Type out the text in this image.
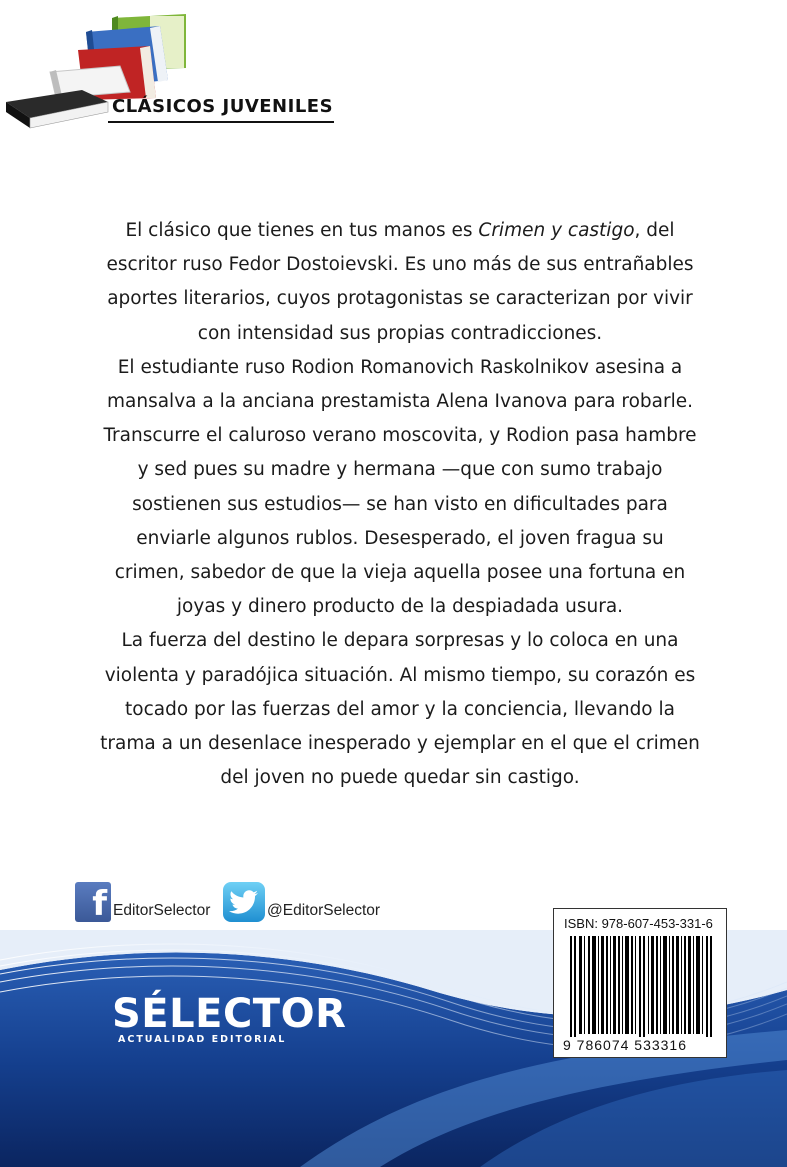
CLÁSICOS JUVENILES

El clásico que tienes en tus manos es Crimen y castigo, del escritor ruso Fedor Dostoievski. Es uno más de sus entrañables aportes literarios, cuyos protagonistas se caracterizan por vivir con intensidad sus propias contradicciones.

El estudiante ruso Rodion Romanovich Raskolnikov asesina a mansalva a la anciana prestamista Alena Ivanova para robarle. Transcurre el caluroso verano moscovita, y Rodion pasa hambre y sed pues su madre y hermana —que con sumo trabajo sostienen sus estudios— se han visto en dificultades para enviarle algunos rublos. Desesperado, el joven fragua su crimen, sabedor de que la vieja aquella posee una fortuna en joyas y dinero producto de la despiadada usura.

La fuerza del destino le depara sorpresas y lo coloca en una violenta y paradójica situación. Al mismo tiempo, su corazón es tocado por las fuerzas del amor y la conciencia, llevando la trama a un desenlace inesperado y ejemplar en el que el crimen del joven no puede quedar sin castigo.

f EditorSelector	@EditorSelector
SÉLECTOR
ACTUALIDAD EDITORIAL
ISBN: 978-607-453-331-6
9 786074 533316
